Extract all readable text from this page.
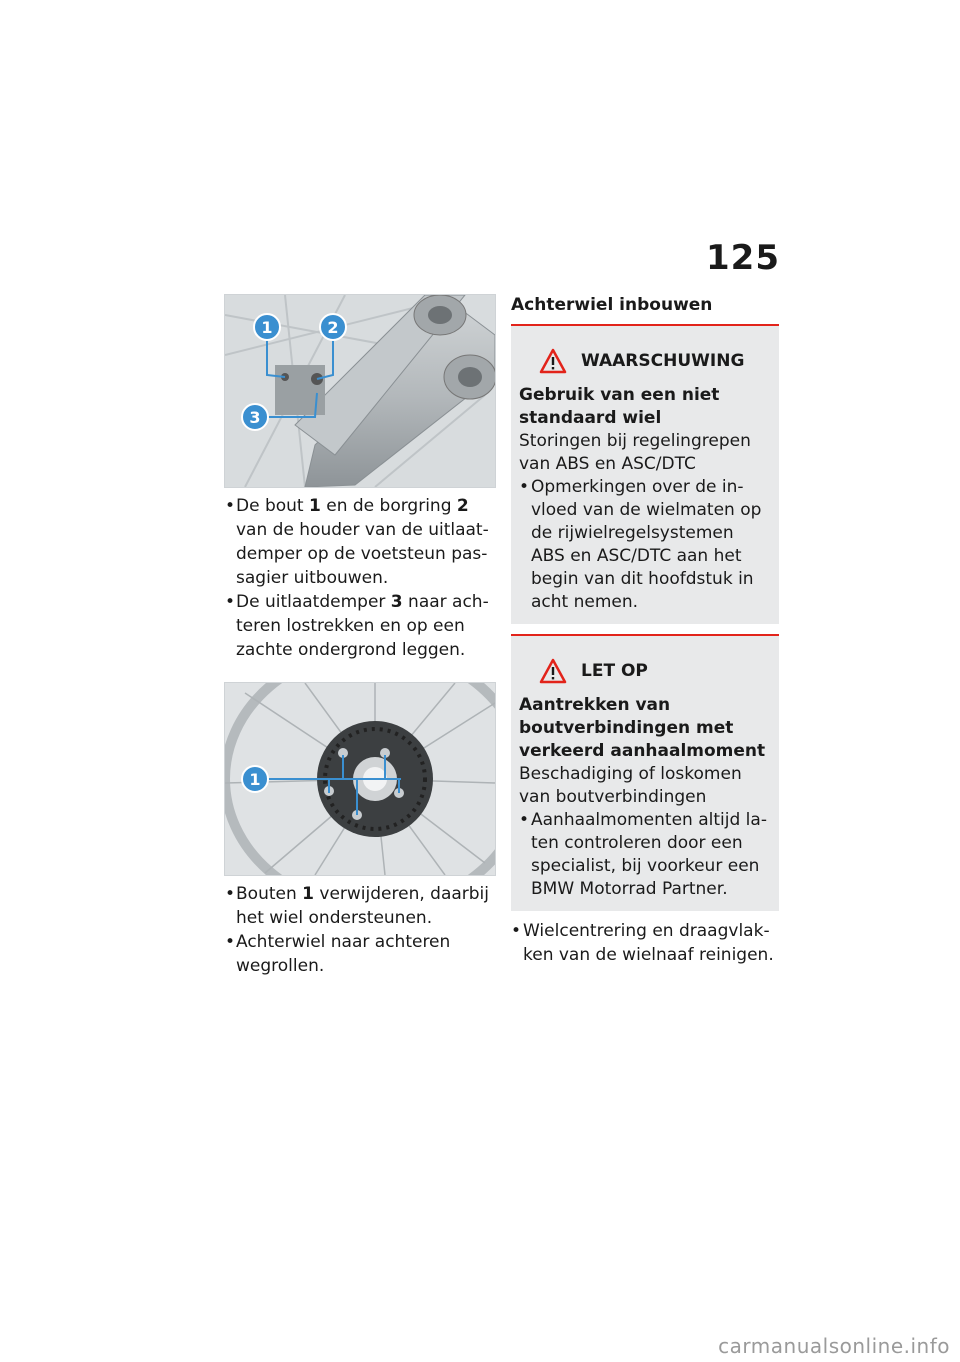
125
1	2
3
• De bout 1 en de borgring 2 van de houder van de uitlaatdemper op de voetsteun passagier uitbouwen.
• De uitlaatdemper 3 naar achteren lostrekken en op een zachte ondergrond leggen.
1
• Bouten 1 verwijderen, daarbij het wiel ondersteunen.
• Achterwiel naar achteren wegrollen.
Achterwiel inbouwen
WAARSCHUWING
Gebruik van een niet standaard wiel
Storingen bij regelingrepen van ABS en ASC/DTC
• Opmerkingen over de invloed van de wielmaten op de rijwielregelsystemen ABS en ASC/DTC aan het begin van dit hoofdstuk in acht nemen.
LET OP
Aantrekken van boutverbindingen met verkeerd aanhaalmoment
Beschadiging of loskomen van boutverbindingen
• Aanhaalmomenten altijd laten controleren door een specialist, bij voorkeur een BMW Motorrad Partner.
• Wielcentrering en draagvlakken van de wielnaaf reinigen.
carmanualsonline.info
